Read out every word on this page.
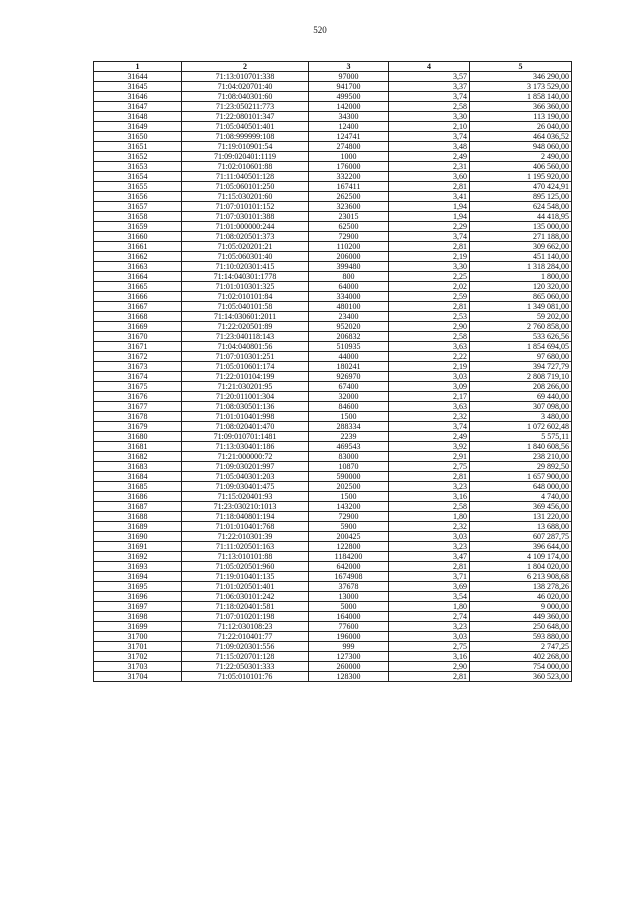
520
1	2	3	4	5
31644	71:13:010701:338	97000	3,57	346 290,00
31645	71:04:020701:40	941700	3,37	3 173 529,00
31646	71:08:040301:60	499500	3,74	1 858 140,00
31647	71:23:050211:773	142000	2,58	366 360,00
31648	71:22:080101:347	34300	3,30	113 190,00
31649	71:05:040501:401	12400	2,10	26 040,00
31650	71:08:999999:108	124741	3,74	464 036,52
31651	71:19:010901:54	274800	3,48	948 060,00
31652	71:09:020401:1119	1000	2,49	2 490,00
31653	71:02:010601:88	176000	2,31	406 560,00
31654	71:11:040501:128	332200	3,60	1 195 920,00
31655	71:05:060101:250	167411	2,81	470 424,91
31656	71:15:030201:60	262500	3,41	895 125,00
31657	71:07:010101:152	323600	1,94	624 548,00
31658	71:07:030101:388	23015	1,94	44 418,95
31659	71:01:000000:244	62500	2,29	135 000,00
31660	71:08:020501:373	72900	3,74	271 188,00
31661	71:05:020201:21	110200	2,81	309 662,00
31662	71:05:060301:40	206000	2,19	451 140,00
31663	71:10:020301:415	399480	3,30	1 318 284,00
31664	71:14:040301:1778	800	2,25	1 800,00
31665	71:01:010301:325	64000	2,02	120 320,00
31666	71:02:010101:84	334000	2,59	865 060,00
31667	71:05:040101:58	480100	2,81	1 349 081,00
31668	71:14:030601:2011	23400	2,53	59 202,00
31669	71:22:020501:89	952020	2,90	2 760 858,00
31670	71:23:040118:143	206832	2,58	533 626,56
31671	71:04:040801:56	510935	3,63	1 854 694,05
31672	71:07:010301:251	44000	2,22	97 680,00
31673	71:05:010601:174	180241	2,19	394 727,79
31674	71:22:010104:199	926970	3,03	2 808 719,10
31675	71:21:030201:95	67400	3,09	208 266,00
31676	71:20:011001:304	32000	2,17	69 440,00
31677	71:08:030501:136	84600	3,63	307 098,00
31678	71:01:010401:998	1500	2,32	3 480,00
31679	71:08:020401:470	288334	3,74	1 072 602,48
31680	71:09:010701:1481	2239	2,49	5 575,11
31681	71:13:030401:186	469543	3,92	1 840 608,56
31682	71:21:000000:72	83000	2,91	238 210,00
31683	71:09:030201:997	10870	2,75	29 892,50
31684	71:05:040301:203	590000	2,81	1 657 900,00
31685	71:09:030401:475	202500	3,23	648 000,00
31686	71:15:020401:93	1500	3,16	4 740,00
31687	71:23:030210:1013	143200	2,58	369 456,00
31688	71:18:040801:194	72900	1,80	131 220,00
31689	71:01:010401:768	5900	2,32	13 688,00
31690	71:22:010301:39	200425	3,03	607 287,75
31691	71:11:020501:163	122800	3,23	396 644,00
31692	71:13:010101:88	1184200	3,47	4 109 174,00
31693	71:05:020501:960	642000	2,81	1 804 020,00
31694	71:19:010401:135	1674908	3,71	6 213 908,68
31695	71:01:020501:401	37678	3,69	138 278,26
31696	71:06:030101:242	13000	3,54	46 020,00
31697	71:18:020401:581	5000	1,80	9 000,00
31698	71:07:010201:198	164000	2,74	449 360,00
31699	71:12:030108:23	77600	3,23	250 648,00
31700	71:22:010401:77	196000	3,03	593 880,00
31701	71:09:020301:556	999	2,75	2 747,25
31702	71:15:020701:128	127300	3,16	402 268,00
31703	71:22:050301:333	260000	2,90	754 000,00
31704	71:05:010101:76	128300	2,81	360 523,00
